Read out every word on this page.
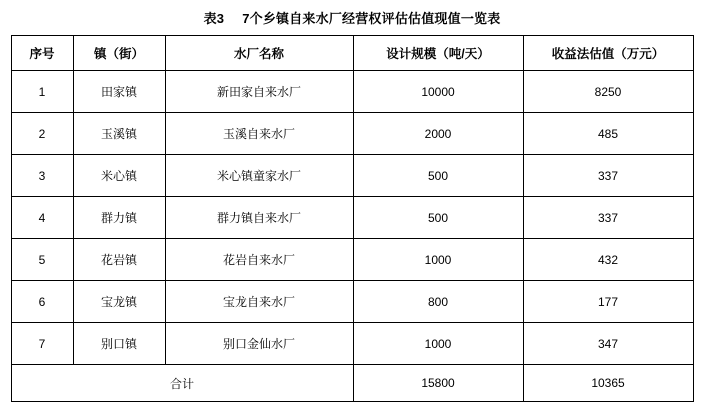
表3 7个乡镇自来水厂经营权评估估值现值一览表
序号	镇（街）	水厂名称	设计规模（吨/天）	收益法估值（万元）
1	田家镇	新田家自来水厂	10000	8250
2	玉溪镇	玉溪自来水厂	2000	485
3	米心镇	米心镇童家水厂	500	337
4	群力镇	群力镇自来水厂	500	337
5	花岩镇	花岩自来水厂	1000	432
6	宝龙镇	宝龙自来水厂	800	177
7	别口镇	别口金仙水厂	1000	347
合计			15800	10365
